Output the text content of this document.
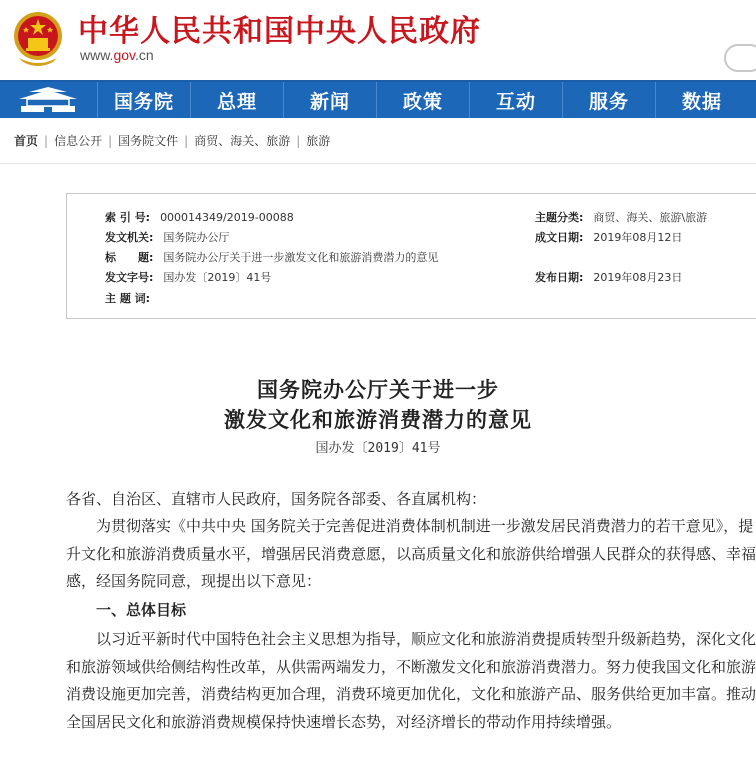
中华人民共和国中央人民政府
www.gov.cn
国务院	总理	新闻	政策	互动	服务	数据
首页 | 信息公开 | 国务院文件 | 商贸、海关、旅游 | 旅游
索 引 号: 000014349/2019-00088
发文机关: 国务院办公厅
标　　题: 国务院办公厅关于进一步激发文化和旅游消费潜力的意见
发文字号: 国办发〔2019〕41号
主 题 词:
主题分类: 商贸、海关、旅游\旅游
成文日期: 2019年08月12日
发布日期: 2019年08月23日
国务院办公厅关于进一步
激发文化和旅游消费潜力的意见
国办发〔2019〕41号
各省、自治区、直辖市人民政府，国务院各部委、各直属机构：
为贯彻落实《中共中央 国务院关于完善促进消费体制机制进一步激发居民消费潜力的若干意见》，提升文化和旅游消费质量水平，增强居民消费意愿，以高质量文化和旅游供给增强人民群众的获得感、幸福感，经国务院同意，现提出以下意见：
一、总体目标
以习近平新时代中国特色社会主义思想为指导，顺应文化和旅游消费提质转型升级新趋势，深化文化和旅游领域供给侧结构性改革，从供需两端发力，不断激发文化和旅游消费潜力。努力使我国文化和旅游消费设施更加完善，消费结构更加合理，消费环境更加优化，文化和旅游产品、服务供给更加丰富。推动全国居民文化和旅游消费规模保持快速增长态势，对经济增长的带动作用持续增强。
